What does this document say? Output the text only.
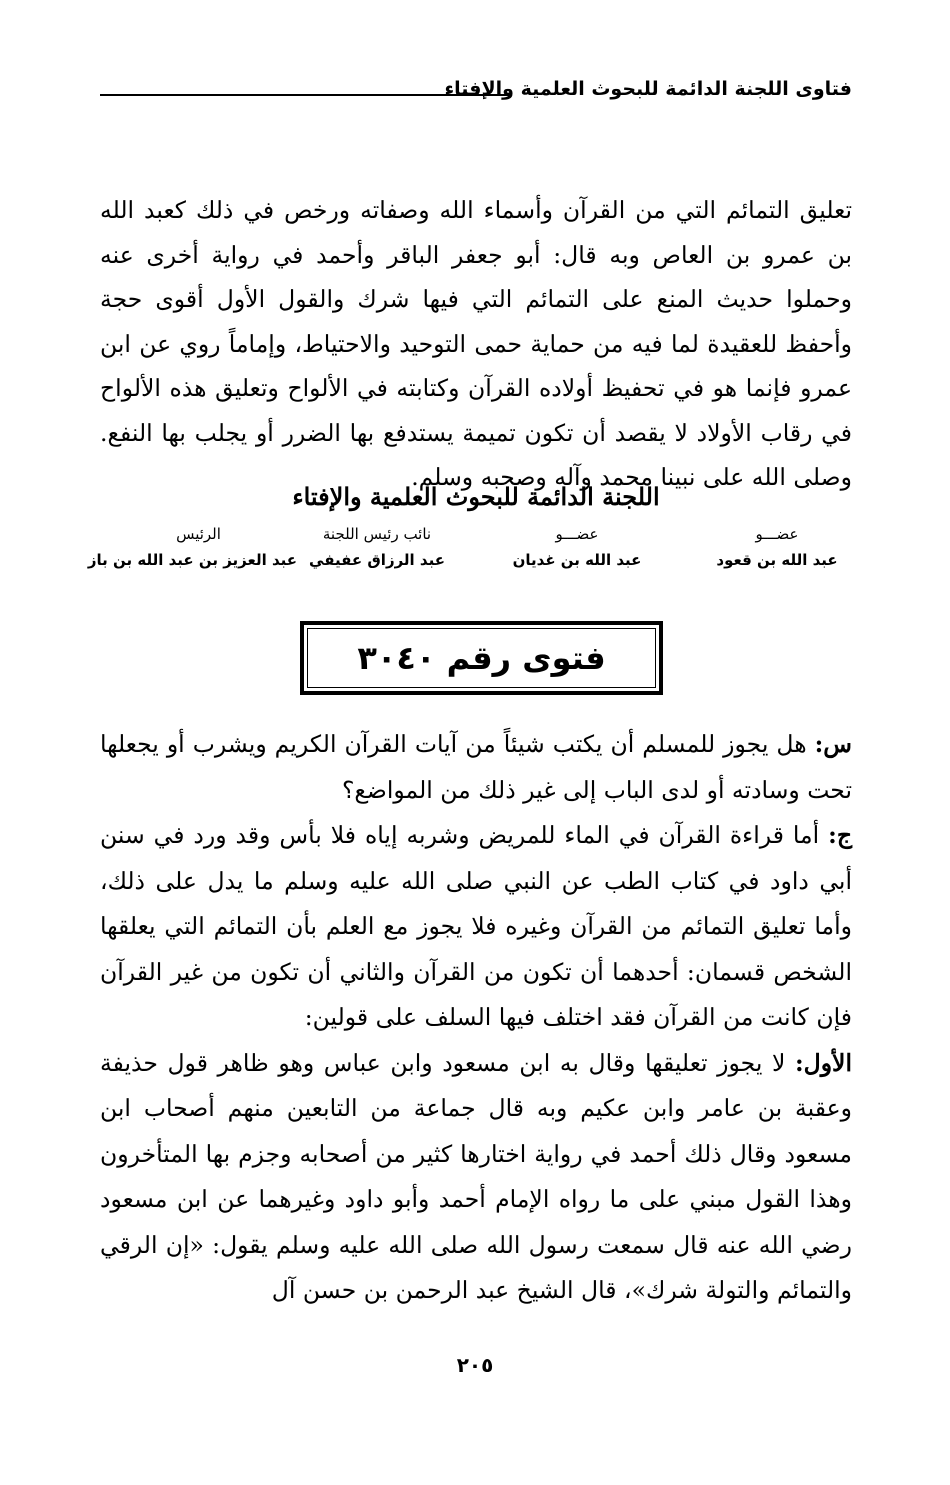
فتاوى اللجنة الدائمة للبحوث العلمية والإفتاء

تعليق التمائم التي من القرآن وأسماء الله وصفاته ورخص في ذلك كعبد الله بن عمرو بن العاص وبه قال: أبو جعفر الباقر وأحمد في رواية أخرى عنه وحملوا حديث المنع على التمائم التي فيها شرك والقول الأول أقوى حجة وأحفظ للعقيدة لما فيه من حماية حمى التوحيد والاحتياط، وإماماً روي عن ابن عمرو فإنما هو في تحفيظ أولاده القرآن وكتابته في الألواح وتعليق هذه الألواح في رقاب الأولاد لا يقصد أن تكون تميمة يستدفع بها الضرر أو يجلب بها النفع. وصلى الله على نبينا محمد وآله وصحبه وسلم.

اللجنة الدائمة للبحوث العلمية والإفتاء
عضـــو
عبد الله بن قعود
عضـــو
عبد الله بن غديان
نائب رئيس اللجنة
عبد الرزاق عفيفي
الرئيس
عبد العزيز بن عبد الله بن باز
فتوى رقم ٣٠٤٠

س: هل يجوز للمسلم أن يكتب شيئاً من آيات القرآن الكريم ويشرب أو يجعلها تحت وسادته أو لدى الباب إلى غير ذلك من المواضع؟

ج: أما قراءة القرآن في الماء للمريض وشربه إياه فلا بأس وقد ورد في سنن أبي داود في كتاب الطب عن النبي صلى الله عليه وسلم ما يدل على ذلك، وأما تعليق التمائم من القرآن وغيره فلا يجوز مع العلم بأن التمائم التي يعلقها الشخص قسمان: أحدهما أن تكون من القرآن والثاني أن تكون من غير القرآن فإن كانت من القرآن فقد اختلف فيها السلف على قولين:

الأول: لا يجوز تعليقها وقال به ابن مسعود وابن عباس وهو ظاهر قول حذيفة وعقبة بن عامر وابن عكيم وبه قال جماعة من التابعين منهم أصحاب ابن مسعود وقال ذلك أحمد في رواية اختارها كثير من أصحابه وجزم بها المتأخرون وهذا القول مبني على ما رواه الإمام أحمد وأبو داود وغيرهما عن ابن مسعود رضي الله عنه قال سمعت رسول الله صلى الله عليه وسلم يقول: «إن الرقي والتمائم والتولة شرك»، قال الشيخ عبد الرحمن بن حسن آل

٢٠٥
